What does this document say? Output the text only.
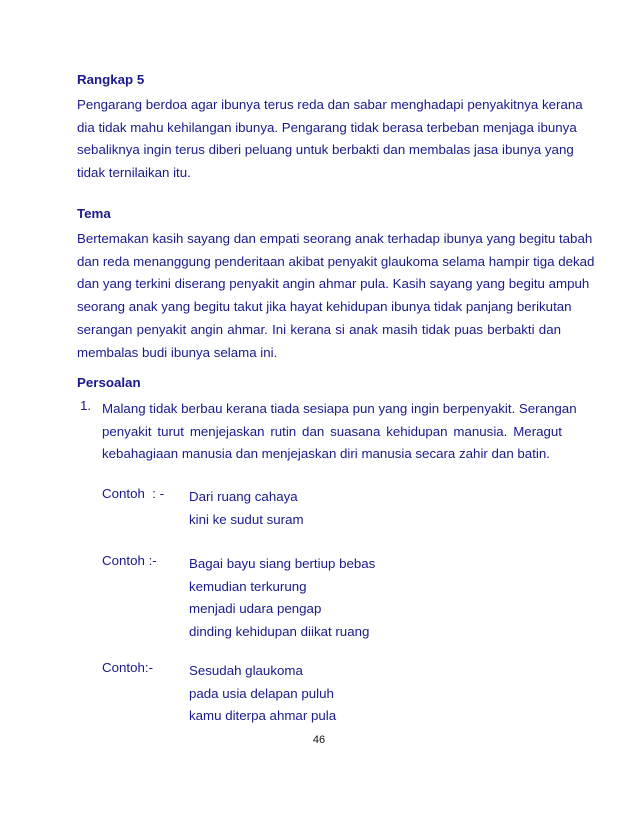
Rangkap 5
Pengarang berdoa agar ibunya terus reda dan sabar menghadapi penyakitnya kerana
dia tidak mahu kehilangan ibunya. Pengarang tidak berasa terbeban menjaga ibunya
sebaliknya ingin terus diberi peluang untuk berbakti dan membalas jasa ibunya yang
tidak ternilaikan itu.
Tema
Bertemakan kasih sayang dan empati seorang anak terhadap ibunya yang begitu tabah
dan reda menanggung penderitaan akibat penyakit glaukoma selama hampir tiga dekad
dan yang terkini diserang penyakit angin ahmar pula. Kasih sayang yang begitu ampuh
seorang anak yang begitu takut jika hayat kehidupan ibunya tidak panjang berikutan
serangan penyakit angin ahmar. Ini kerana si anak masih tidak puas berbakti dan
membalas budi ibunya selama ini.
Persoalan
1. Malang tidak berbau kerana tiada sesiapa pun yang ingin berpenyakit. Serangan
penyakit turut menjejaskan rutin dan suasana kehidupan manusia. Meragut
kebahagiaan manusia dan menjejaskan diri manusia secara zahir dan batin.
Contoh  : - Dari ruang cahaya
kini ke sudut suram
Contoh :- Bagai bayu siang bertiup bebas
kemudian terkurung
menjadi udara pengap
dinding kehidupan diikat ruang
Contoh:-	Sesudah glaukoma
pada usia delapan puluh
kamu diterpa ahmar pula
46
